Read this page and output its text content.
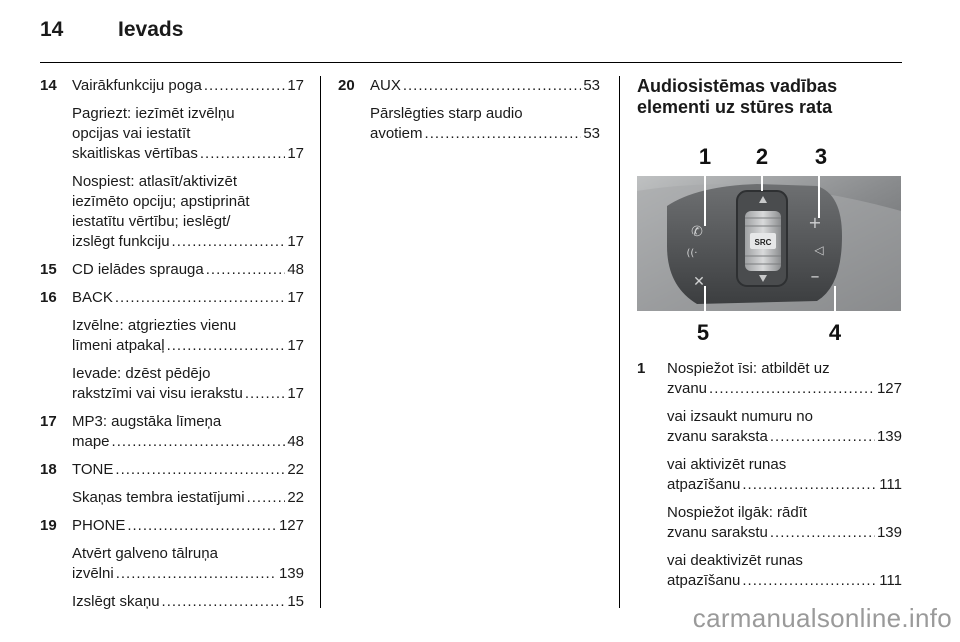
14	Ievads
14	Vairākfunkciju poga .....	17
Pagriezt: iezīmēt izvēlņu
opcijas vai iestatīt
skaitliskas vērtības .....	17
Nospiest: atlasīt/aktivizēt
iezīmēto opciju; apstiprināt
iestatītu vērtību; ieslēgt/
izslēgt funkciju .....	17
15	CD ielādes sprauga .....	48
16	BACK .....	17
Izvēlne: atgriezties vienu
līmeni atpakaļ .....	17
Ievade: dzēst pēdējo
rakstzīmi vai visu ierakstu .....	17
17	MP3: augstāka līmeņa
mape .....	48
18	TONE .....	22
Skaņas tembra iestatījumi .....	22
19	PHONE .....	127
Atvērt galveno tālruņa
izvēlni .....	139
Izslēgt skaņu .....	15
20	AUX .....	53
Pārslēgties starp audio
avotiem .....	53
Audiosistēmas vadības
elementi uz stūres rata
SRC
✆
((·
✕
+
◁
–
1 2 3
4
5
1	Nospiežot īsi: atbildēt uz
zvanu .....	127
vai izsaukt numuru no
zvanu saraksta .....	139
vai aktivizēt runas
atpazīšanu .....	111
Nospiežot ilgāk: rādīt
zvanu sarakstu .....	139
vai deaktivizēt runas
atpazīšanu .....	111
carmanualsonline.info
